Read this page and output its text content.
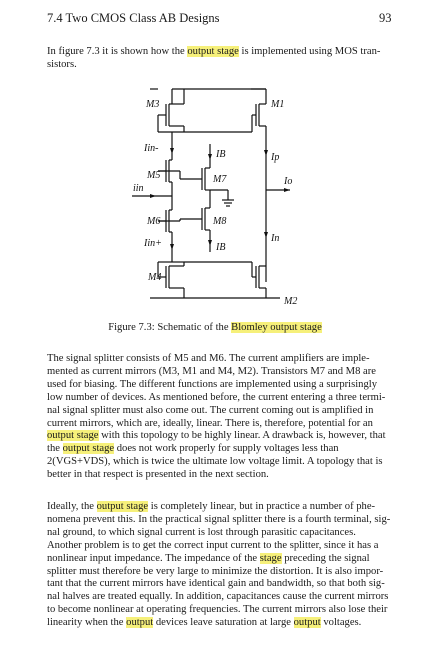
7.4 Two CMOS Class AB Designs	93
In figure 7.3 it is shown how the output stage is implemented using MOS tran-
sistors.
M3	M1
Iin-
IB
M5	M7
Ip
iin
Io
M6	M8
IB
Iin+	In
M4
M2
Figure 7.3: Schematic of the Blomley output stage
The signal splitter consists of M5 and M6. The current amplifiers are imple-
mented as current mirrors (M3, M1 and M4, M2). Transistors M7 and M8 are
used for biasing. The different functions are implemented using a surprisingly
low number of devices. As mentioned before, the current entering a three termi-
nal signal splitter must also come out. The current coming out is amplified in
current mirrors, which are, ideally, linear. There is, therefore, potential for an
output stage with this topology to be highly linear. A drawback is, however, that
the output stage does not work properly for supply voltages less than
2(VGS+VDS), which is twice the ultimate low voltage limit. A topology that is
better in that respect is presented in the next section.
Ideally, the output stage is completely linear, but in practice a number of phe-
nomena prevent this. In the practical signal splitter there is a fourth terminal, sig-
nal ground, to which signal current is lost through parasitic capacitances.
Another problem is to get the correct input current to the splitter, since it has a
nonlinear input impedance. The impedance of the stage preceding the signal
splitter must therefore be very large to minimize the distortion. It is also impor-
tant that the current mirrors have identical gain and bandwidth, so that both sig-
nal halves are treated equally. In addition, capacitances cause the current mirrors
to become nonlinear at operating frequencies. The current mirrors also lose their
linearity when the output devices leave saturation at large output voltages.
